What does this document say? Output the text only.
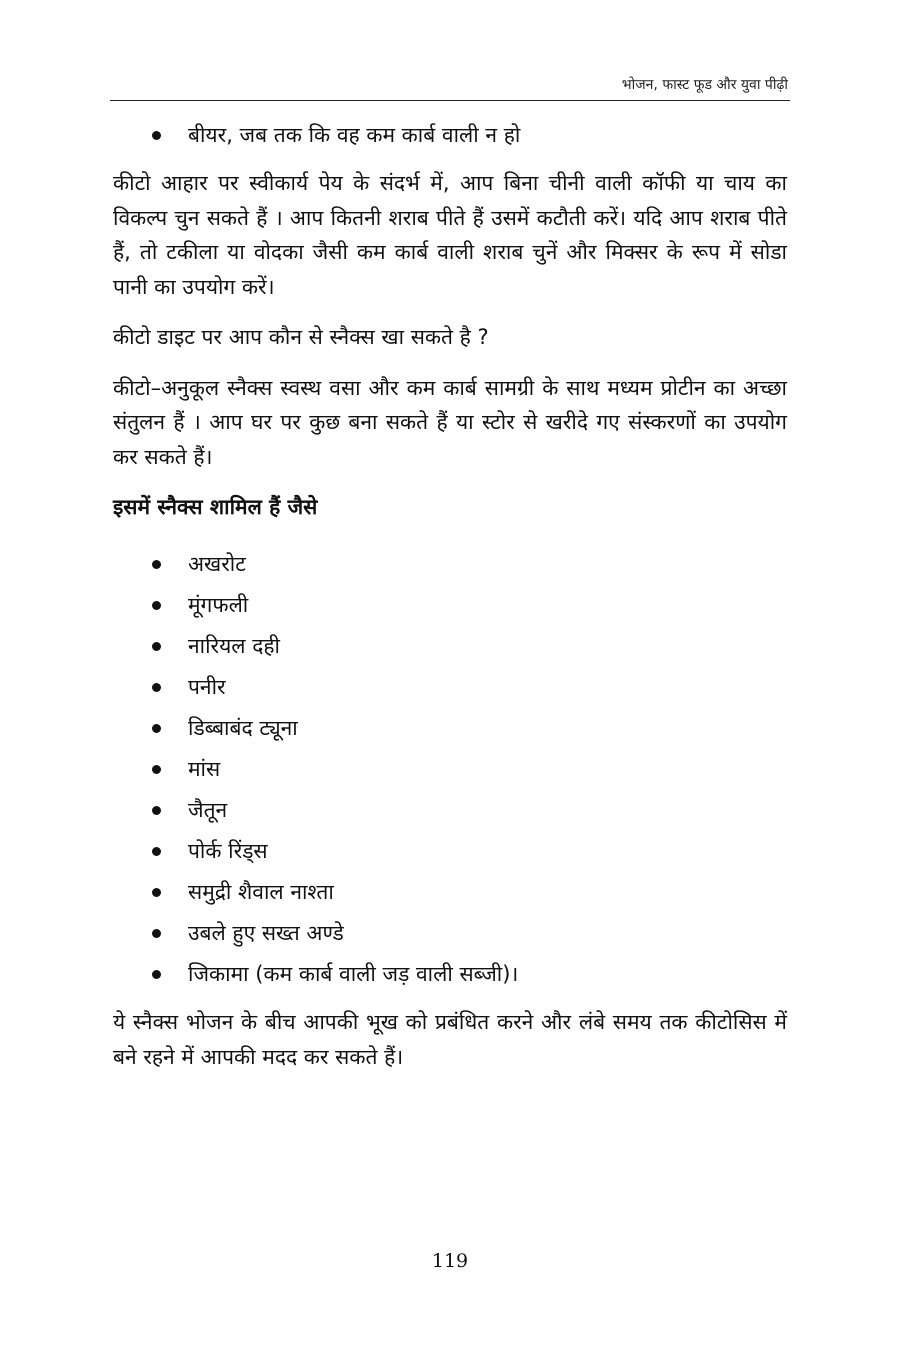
भोजन, फास्ट फूड और युवा पीढ़ी
बीयर, जब तक कि वह कम कार्ब वाली न हो

कीटो आहार पर स्वीकार्य पेय के संदर्भ में, आप बिना चीनी वाली कॉफी या चाय का विकल्प चुन सकते हैं । आप कितनी शराब पीते हैं उसमें कटौती करें। यदि आप शराब पीते हैं, तो टकीला या वोदका जैसी कम कार्ब वाली शराब चुनें और मिक्सर के रूप में सोडा पानी का उपयोग करें।

कीटो डाइट पर आप कौन से स्नैक्स खा सकते है ?

कीटो–अनुकूल स्नैक्स स्वस्थ वसा और कम कार्ब सामग्री के साथ मध्यम प्रोटीन का अच्छा संतुलन हैं । आप घर पर कुछ बना सकते हैं या स्टोर से खरीदे गए संस्करणों का उपयोग कर सकते हैं।

इसमें स्नैक्स शामिल हैं जैसे
अखरोट
मूंगफली
नारियल दही
पनीर
डिब्बाबंद ट्यूना
मांस
जैतून
पोर्क रिंड्स
समुद्री शैवाल नाश्ता
उबले हुए सख्त अण्डे
जिकामा (कम कार्ब वाली जड़ वाली सब्जी)।

ये स्नैक्स भोजन के बीच आपकी भूख को प्रबंधित करने और लंबे समय तक कीटोसिस में बने रहने में आपकी मदद कर सकते हैं।

119
